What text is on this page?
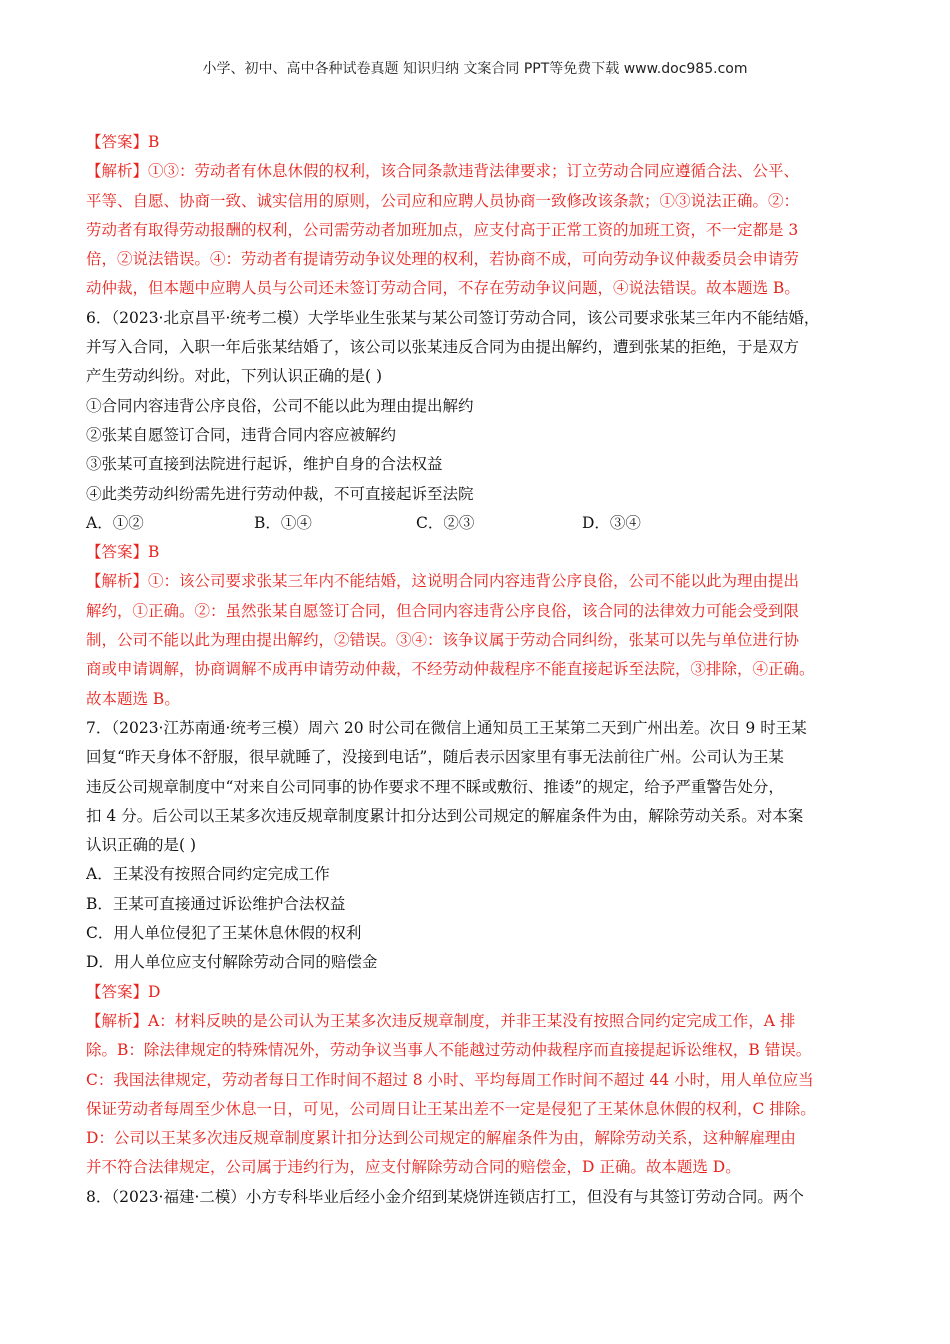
小学、初中、高中各种试卷真题 知识归纳 文案合同 PPT等免费下载 www.doc985.com
【答案】B
【解析】①③：劳动者有休息休假的权利，该合同条款违背法律要求；订立劳动合同应遵循合法、公平、
平等、自愿、协商一致、诚实信用的原则，公司应和应聘人员协商一致修改该条款；①③说法正确。②：
劳动者有取得劳动报酬的权利，公司需劳动者加班加点，应支付高于正常工资的加班工资，不一定都是 3
倍，②说法错误。④：劳动者有提请劳动争议处理的权利，若协商不成，可向劳动争议仲裁委员会申请劳
动仲裁，但本题中应聘人员与公司还未签订劳动合同，不存在劳动争议问题，④说法错误。故本题选 B。
6．（2023·北京昌平·统考二模）大学毕业生张某与某公司签订劳动合同，该公司要求张某三年内不能结婚，
并写入合同，入职一年后张某结婚了，该公司以张某违反合同为由提出解约，遭到张某的拒绝，于是双方
产生劳动纠纷。对此，下列认识正确的是( )
①合同内容违背公序良俗，公司不能以此为理由提出解约
②张某自愿签订合同，违背合同内容应被解约
③张某可直接到法院进行起诉，维护自身的合法权益
④此类劳动纠纷需先进行劳动仲裁，不可直接起诉至法院
A．①②	B．①④	C．②③	D．③④
【答案】B
【解析】①：该公司要求张某三年内不能结婚，这说明合同内容违背公序良俗，公司不能以此为理由提出
解约，①正确。②：虽然张某自愿签订合同，但合同内容违背公序良俗，该合同的法律效力可能会受到限
制，公司不能以此为理由提出解约，②错误。③④：该争议属于劳动合同纠纷，张某可以先与单位进行协
商或申请调解，协商调解不成再申请劳动仲裁，不经劳动仲裁程序不能直接起诉至法院，③排除，④正确。
故本题选 B。
7．（2023·江苏南通·统考三模）周六 20 时公司在微信上通知员工王某第二天到广州出差。次日 9 时王某
回复“昨天身体不舒服，很早就睡了，没接到电话”，随后表示因家里有事无法前往广州。公司认为王某
违反公司规章制度中“对来自公司同事的协作要求不理不睬或敷衍、推诿”的规定，给予严重警告处分，
扣 4 分。后公司以王某多次违反规章制度累计扣分达到公司规定的解雇条件为由，解除劳动关系。对本案
认识正确的是( )
A．王某没有按照合同约定完成工作
B．王某可直接通过诉讼维护合法权益
C．用人单位侵犯了王某休息休假的权利
D．用人单位应支付解除劳动合同的赔偿金
【答案】D
【解析】A：材料反映的是公司认为王某多次违反规章制度，并非王某没有按照合同约定完成工作，A 排
除。B：除法律规定的特殊情况外，劳动争议当事人不能越过劳动仲裁程序而直接提起诉讼维权，B 错误。
C：我国法律规定，劳动者每日工作时间不超过 8 小时、平均每周工作时间不超过 44 小时，用人单位应当
保证劳动者每周至少休息一日，可见，公司周日让王某出差不一定是侵犯了王某休息休假的权利，C 排除。
D：公司以王某多次违反规章制度累计扣分达到公司规定的解雇条件为由，解除劳动关系，这种解雇理由
并不符合法律规定，公司属于违约行为，应支付解除劳动合同的赔偿金，D 正确。故本题选 D。
8．（2023·福建·二模）小方专科毕业后经小金介绍到某烧饼连锁店打工，但没有与其签订劳动合同。两个
